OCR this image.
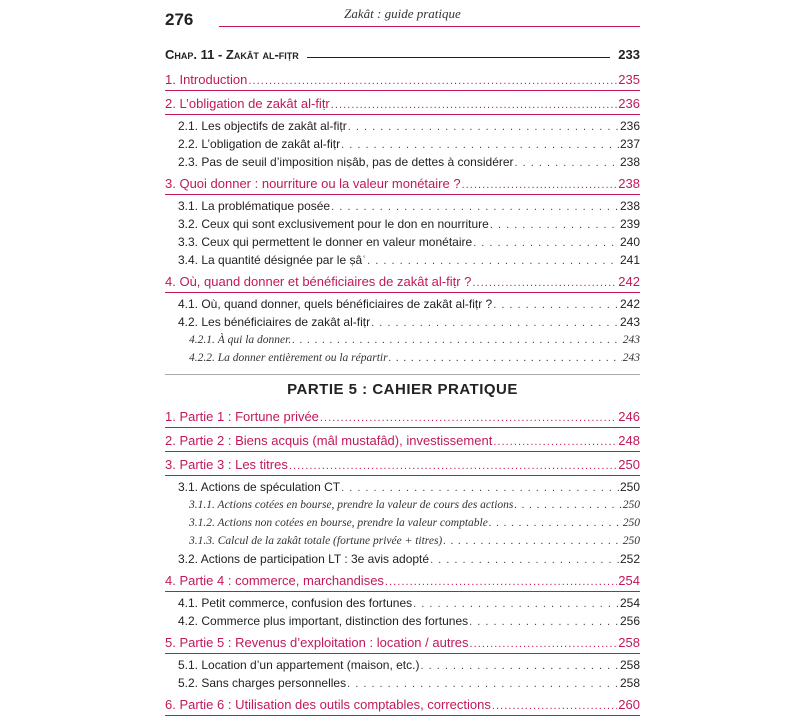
276	Zakât : guide pratique
Chap. 11 - Zakât al-fiṭr	233
1. Introduction . . .	235
2. L’obligation de zakât al-fiṭr . . .	236
2.1. Les objectifs de zakât al-fiṭr . . .	236
2.2. L’obligation de zakât al-fiṭr . . .	237
2.3. Pas de seuil d’imposition niṣâb, pas de dettes à considérer . . .	238
3. Quoi donner : nourriture ou la valeur monétaire ? . . .	238
3.1. La problématique posée . . .	238
3.2. Ceux qui sont exclusivement pour le don en nourriture . . .	239
3.3. Ceux qui permettent le donner en valeur monétaire . . .	240
3.4. La quantité désignée par le ṣâʿ . . .	241
4. Où, quand donner et bénéficiaires de zakât al-fiṭr ? . . .	242
4.1. Où, quand donner, quels bénéficiaires de zakât al-fiṭr ? . . .	242
4.2. Les bénéficiaires de zakât al-fiṭr . . .	243
4.2.1. À qui la donner. . . .	243
4.2.2. La donner entièrement ou la répartir . . .	243
PARTIE 5 : CAHIER PRATIQUE
1. Partie 1 : Fortune privée . . .	246
2. Partie 2 : Biens acquis (mâl mustafâd), investissement . . .	248
3. Partie 3 : Les titres . . .	250
3.1. Actions de spéculation CT . . .	250
3.1.1. Actions cotées en bourse, prendre la valeur de cours des actions . . .	250
3.1.2. Actions non cotées en bourse, prendre la valeur comptable . . .	250
3.1.3. Calcul de la zakât totale (fortune privée + titres) . . .	250
3.2. Actions de participation LT : 3e avis adopté . . .	252
4. Partie 4 : commerce, marchandises . . .	254
4.1. Petit commerce, confusion des fortunes . . .	254
4.2. Commerce plus important, distinction des fortunes . . .	256
5. Partie 5 : Revenus d’exploitation : location / autres . . .	258
5.1. Location d’un appartement (maison, etc.) . . .	258
5.2. Sans charges personnelles . . .	258
6. Partie 6 : Utilisation des outils comptables, corrections . . .	260
